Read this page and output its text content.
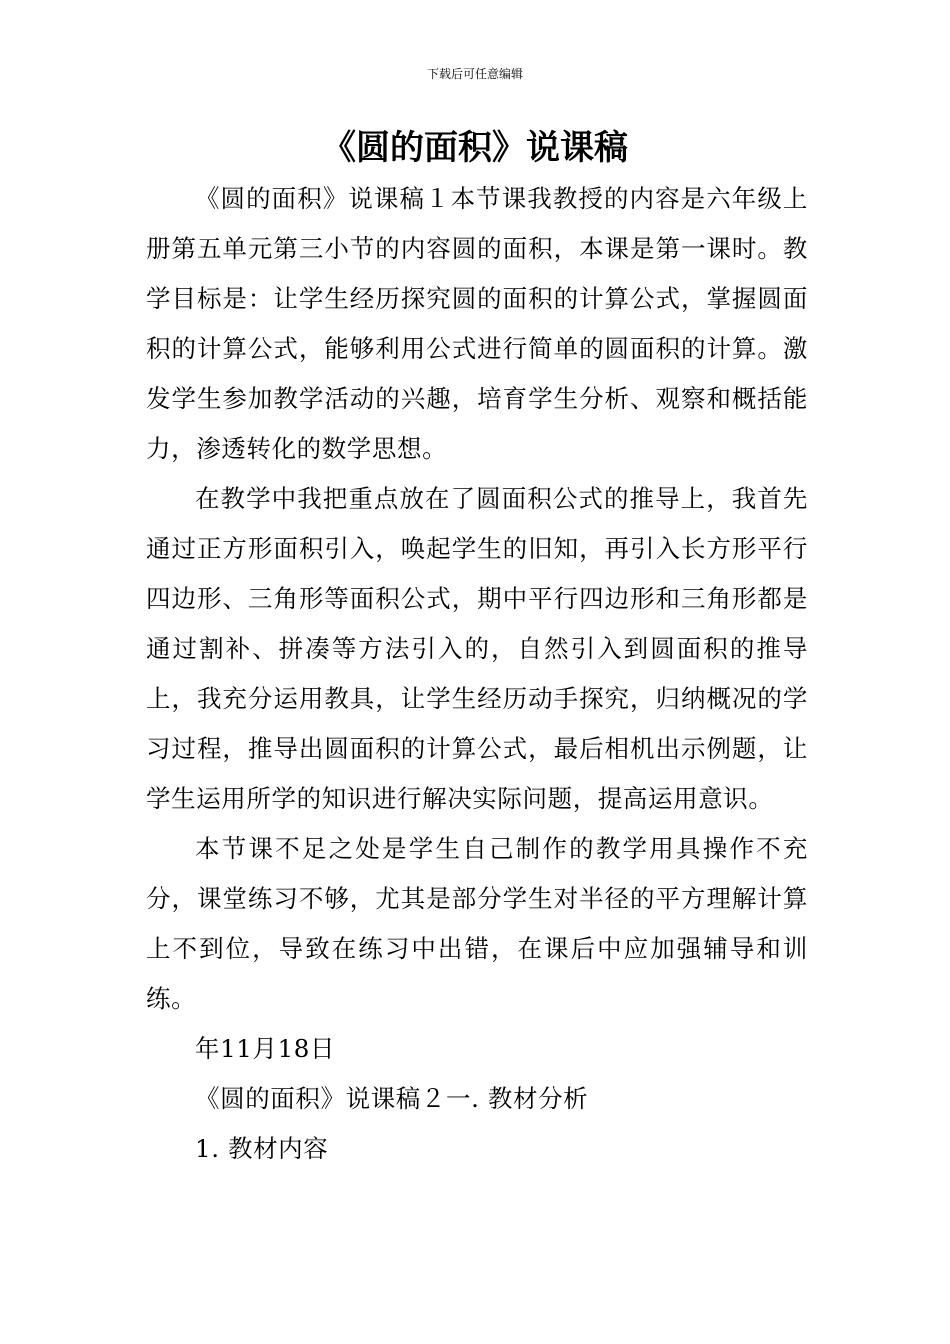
下载后可任意编辑
《圆的面积》说课稿

《圆的面积》说课稿１本节课我教授的内容是六年级上册第五单元第三小节的内容圆的面积，本课是第一课时。教学目标是：让学生经历探究圆的面积的计算公式，掌握圆面积的计算公式，能够利用公式进行简单的圆面积的计算。激发学生参加教学活动的兴趣，培育学生分析、观察和概括能力，渗透转化的数学思想。

在教学中我把重点放在了圆面积公式的推导上，我首先通过正方形面积引入，唤起学生的旧知，再引入长方形平行四边形、三角形等面积公式，期中平行四边形和三角形都是通过割补、拼凑等方法引入的，自然引入到圆面积的推导上，我充分运用教具，让学生经历动手探究，归纳概况的学习过程，推导出圆面积的计算公式，最后相机出示例题，让学生运用所学的知识进行解决实际问题，提高运用意识。

本节课不足之处是学生自己制作的教学用具操作不充分，课堂练习不够，尤其是部分学生对半径的平方理解计算上不到位，导致在练习中出错，在课后中应加强辅导和训练。

年11月18日

《圆的面积》说课稿２一. 教材分析

1. 教材内容
